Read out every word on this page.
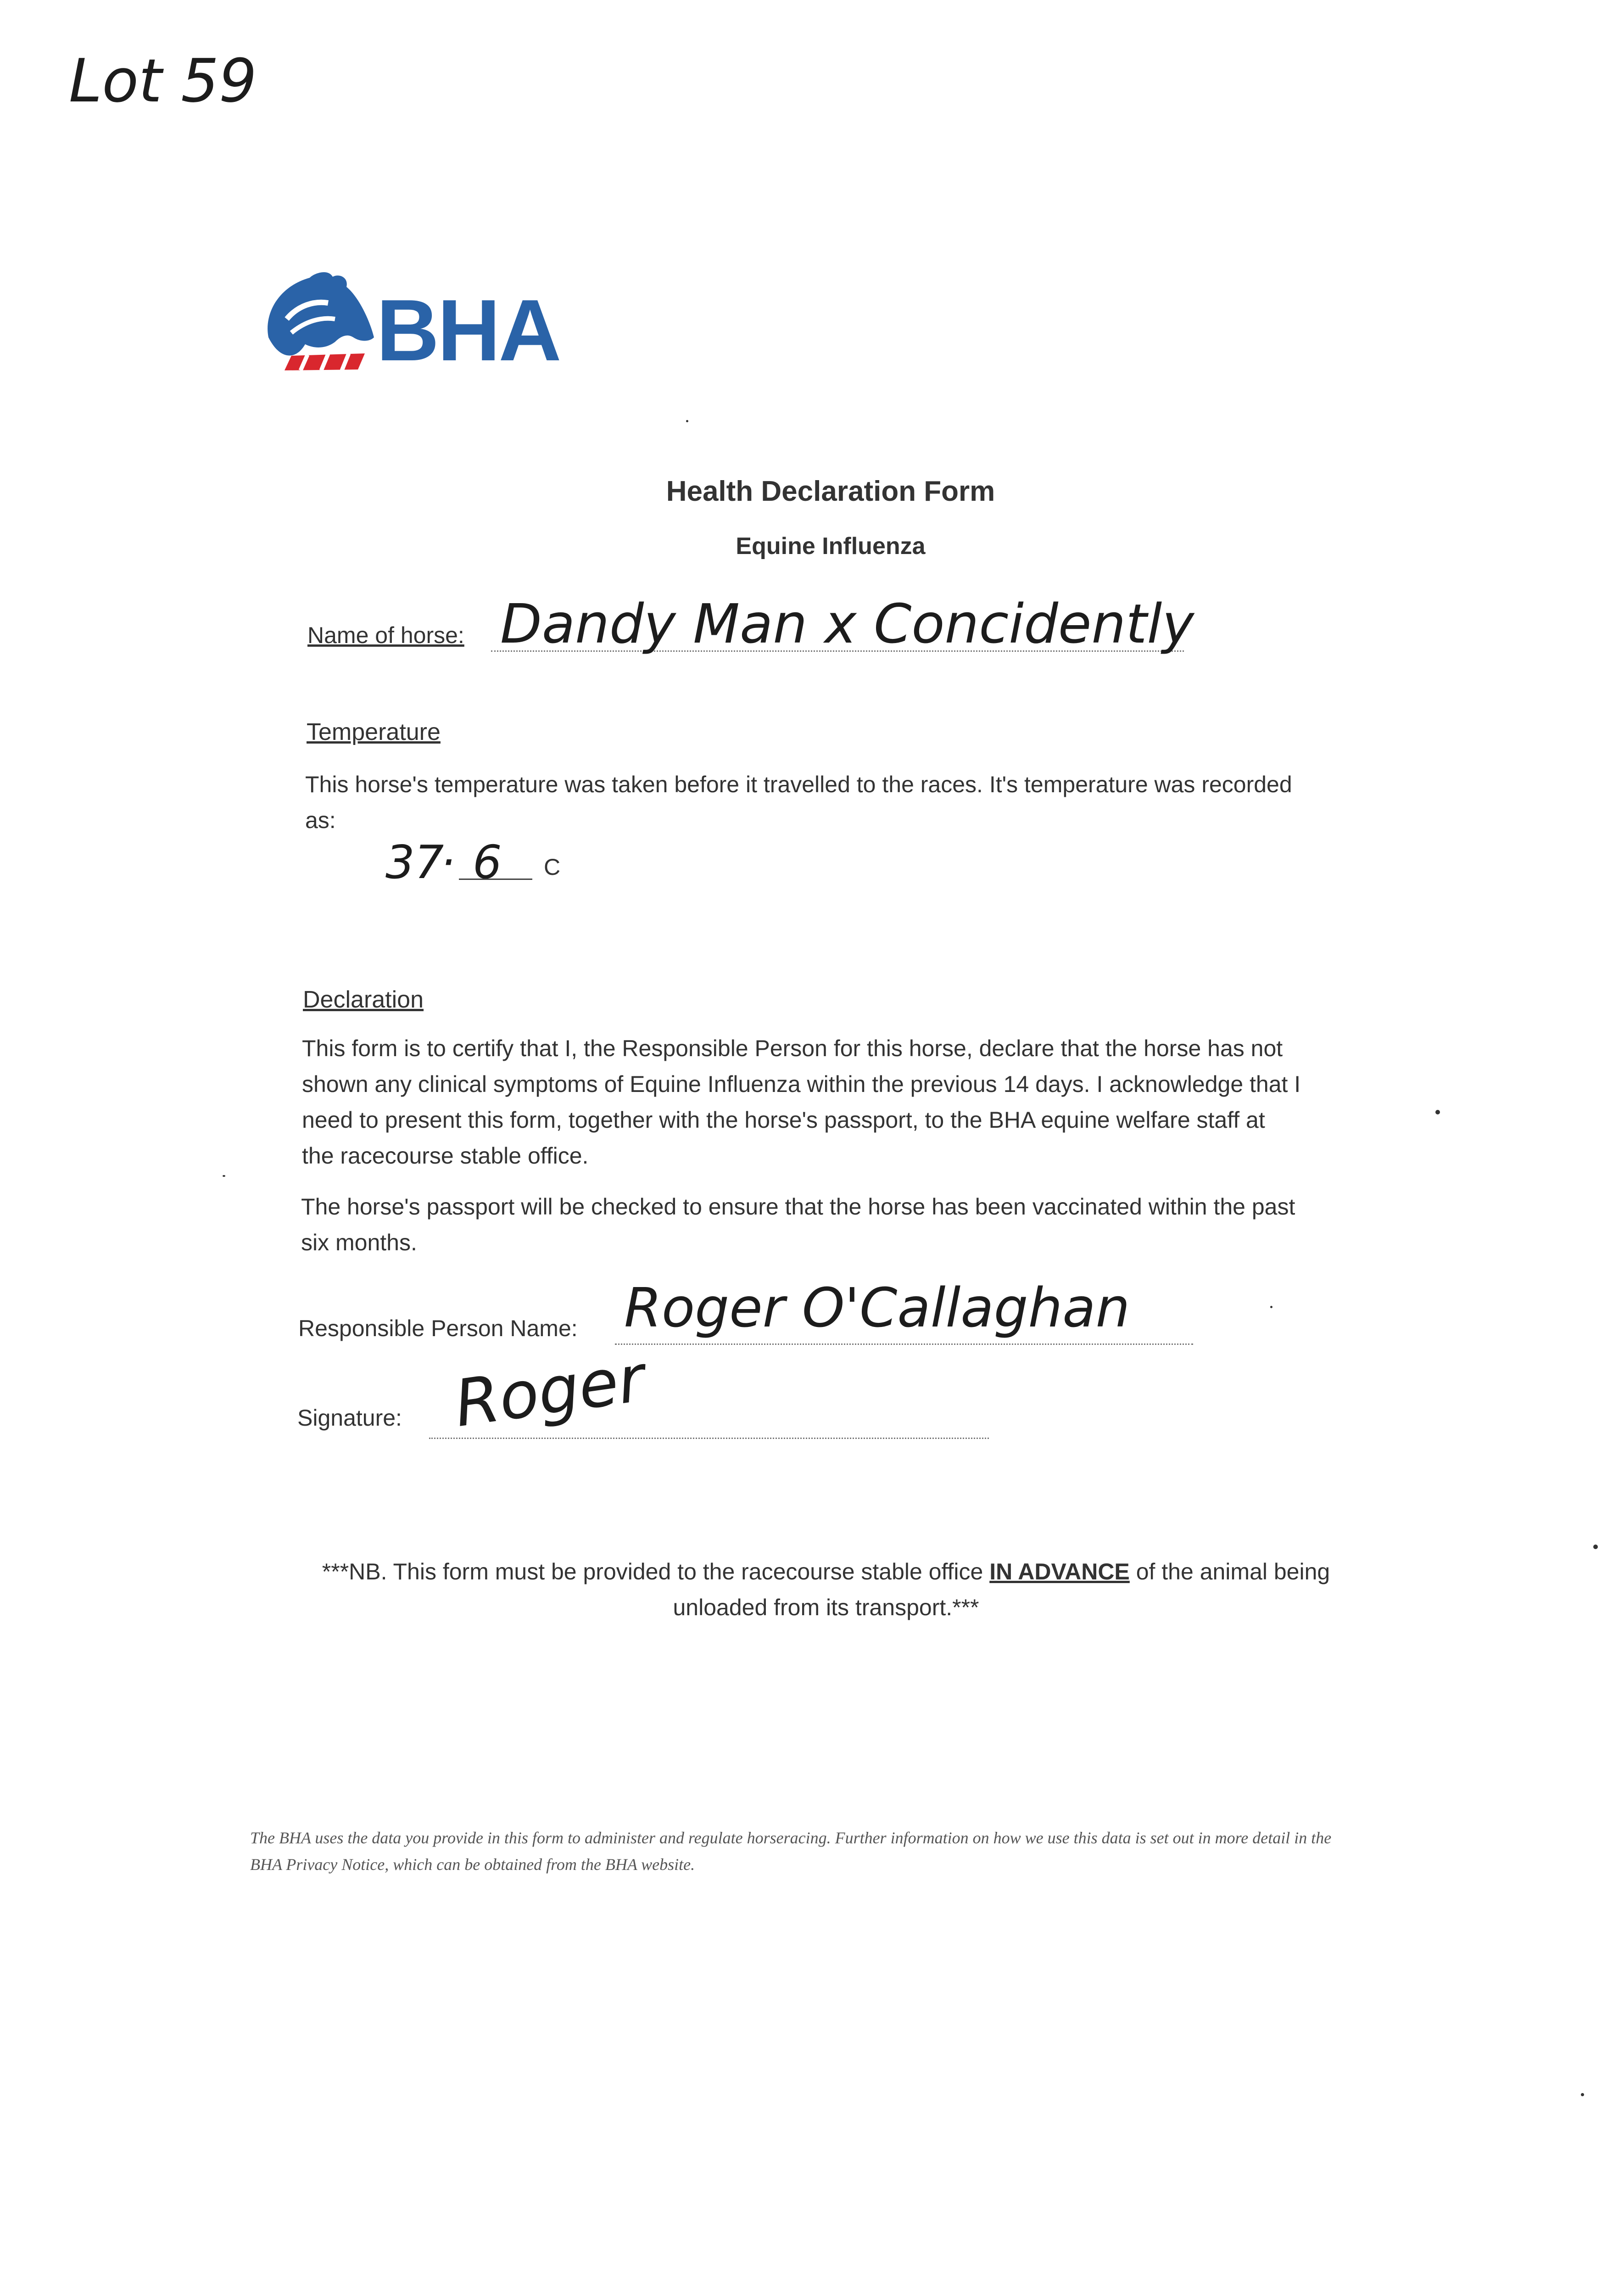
Lot 59
BHA
Health Declaration Form
Equine Influenza
Name of horse: Dandy Man x Concidently
Temperature
This horse's temperature was taken before it travelled to the races. It's temperature was recorded as:
37
· 6 C
Declaration
This form is to certify that I, the Responsible Person for this horse, declare that the horse has not shown any clinical symptoms of Equine Influenza within the previous 14 days. I acknowledge that I need to present this form, together with the horse's passport, to the BHA equine welfare staff at the racecourse stable office.
The horse's passport will be checked to ensure that the horse has been vaccinated within the past six months.
Responsible Person Name: Roger O'Callaghan
Signature: Roger
***NB. This form must be provided to the racecourse stable office IN ADVANCE of the animal being unloaded from its transport.***
The BHA uses the data you provide in this form to administer and regulate horseracing. Further information on how we use this data is set out in more detail in the BHA Privacy Notice, which can be obtained from the BHA website.
